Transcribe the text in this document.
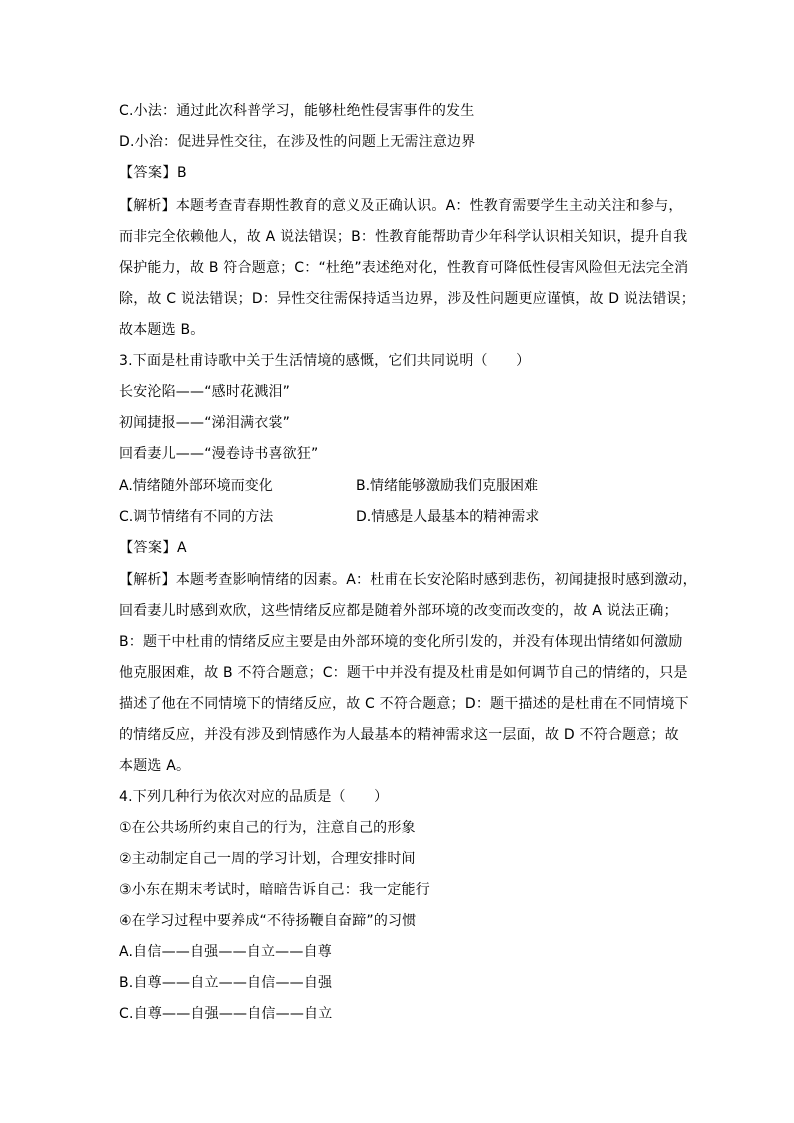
C.小法：通过此次科普学习，能够杜绝性侵害事件的发生
D.小治：促进异性交往，在涉及性的问题上无需注意边界
【答案】B
【解析】本题考查青春期性教育的意义及正确认识。A：性教育需要学生主动关注和参与，
而非完全依赖他人，故 A 说法错误；B：性教育能帮助青少年科学认识相关知识，提升自我
保护能力，故 B 符合题意；C：“杜绝”表述绝对化，性教育可降低性侵害风险但无法完全消
除，故 C 说法错误；D：异性交往需保持适当边界，涉及性问题更应谨慎，故 D 说法错误；
故本题选 B。
3.下面是杜甫诗歌中关于生活情境的感慨，它们共同说明（　　）
长安沦陷——“感时花溅泪”
初闻捷报——“涕泪满衣裳”
回看妻儿——“漫卷诗书喜欲狂”
A.情绪随外部环境而变化	B.情绪能够激励我们克服困难
C.调节情绪有不同的方法	D.情感是人最基本的精神需求
【答案】A
【解析】本题考查影响情绪的因素。A：杜甫在长安沦陷时感到悲伤，初闻捷报时感到激动，
回看妻儿时感到欢欣，这些情绪反应都是随着外部环境的改变而改变的，故 A 说法正确；
B：题干中杜甫的情绪反应主要是由外部环境的变化所引发的，并没有体现出情绪如何激励
他克服困难，故 B 不符合题意；C：题干中并没有提及杜甫是如何调节自己的情绪的，只是
描述了他在不同情境下的情绪反应，故 C 不符合题意；D：题干描述的是杜甫在不同情境下
的情绪反应，并没有涉及到情感作为人最基本的精神需求这一层面，故 D 不符合题意；故
本题选 A。
4.下列几种行为依次对应的品质是（　　）
①在公共场所约束自己的行为，注意自己的形象
②主动制定自己一周的学习计划，合理安排时间
③小东在期末考试时，暗暗告诉自己：我一定能行
④在学习过程中要养成“不待扬鞭自奋蹄”的习惯
A.自信——自强——自立——自尊
B.自尊——自立——自信——自强
C.自尊——自强——自信——自立
